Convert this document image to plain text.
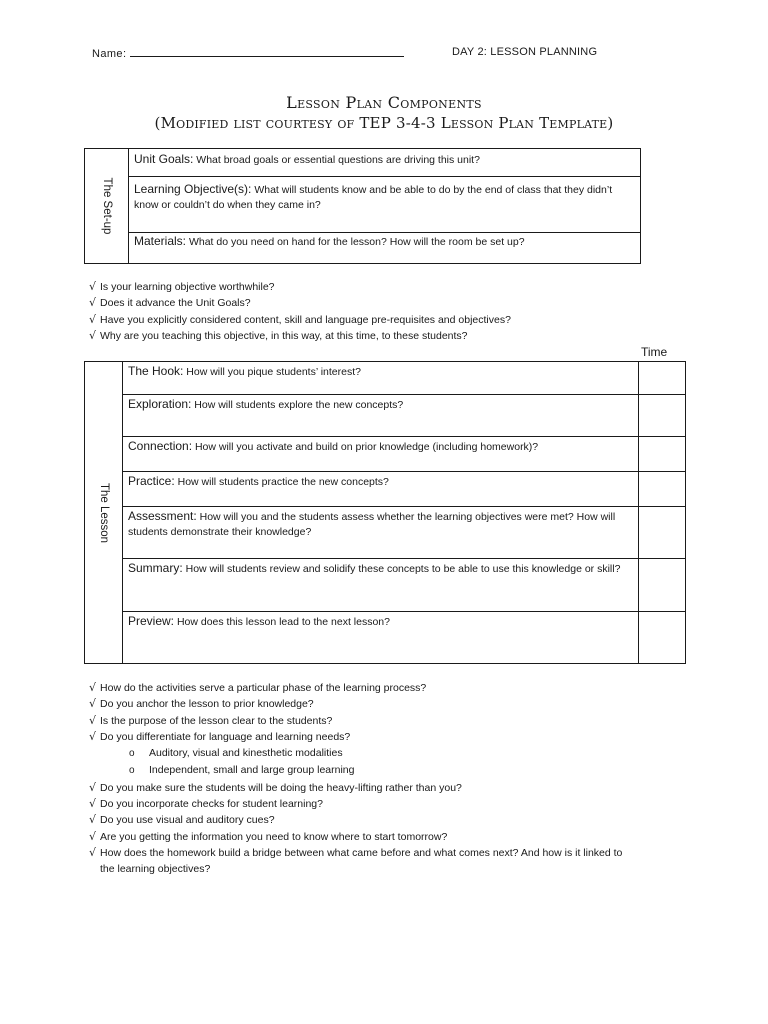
Name:	DAY 2: LESSON PLANNING
Lesson Plan Components
(Modified list courtesy of TEP 3-4-3 Lesson Plan Template)
The Set-up

Unit Goals: What broad goals or essential questions are driving this unit?

Learning Objective(s): What will students know and be able to do by the end of class that they didn’t know or couldn’t do when they came in?

Materials: What do you need on hand for the lesson? How will the room be set up?
√ Is your learning objective worthwhile?
√ Does it advance the Unit Goals?
√ Have you explicitly considered content, skill and language pre-requisites and objectives?
√ Why are you teaching this objective, in this way, at this time, to these students?
Time
The Lesson	The Hook: How will you pique students’ interest?	

	Exploration: How will students explore the new concepts?	

	Connection: How will you activate and build on prior knowledge (including homework)?	

	Practice: How will students practice the new concepts?	

	Assessment: How will you and the students assess whether the learning objectives were met? How will students demonstrate their knowledge?	

	Summary: How will students review and solidify these concepts to be able to use this knowledge or skill?	

	Preview: How does this lesson lead to the next lesson?	

√ How do the activities serve a particular phase of the learning process?
√ Do you anchor the lesson to prior knowledge?
√ Is the purpose of the lesson clear to the students?
√ Do you differentiate for language and learning needs?
o Auditory, visual and kinesthetic modalities
o Independent, small and large group learning
√ Do you make sure the students will be doing the heavy-lifting rather than you?
√ Do you incorporate checks for student learning?
√ Do you use visual and auditory cues?
√ Are you getting the information you need to know where to start tomorrow?
√ How does the homework build a bridge between what came before and what comes next? And how is it linked to
the learning objectives?
